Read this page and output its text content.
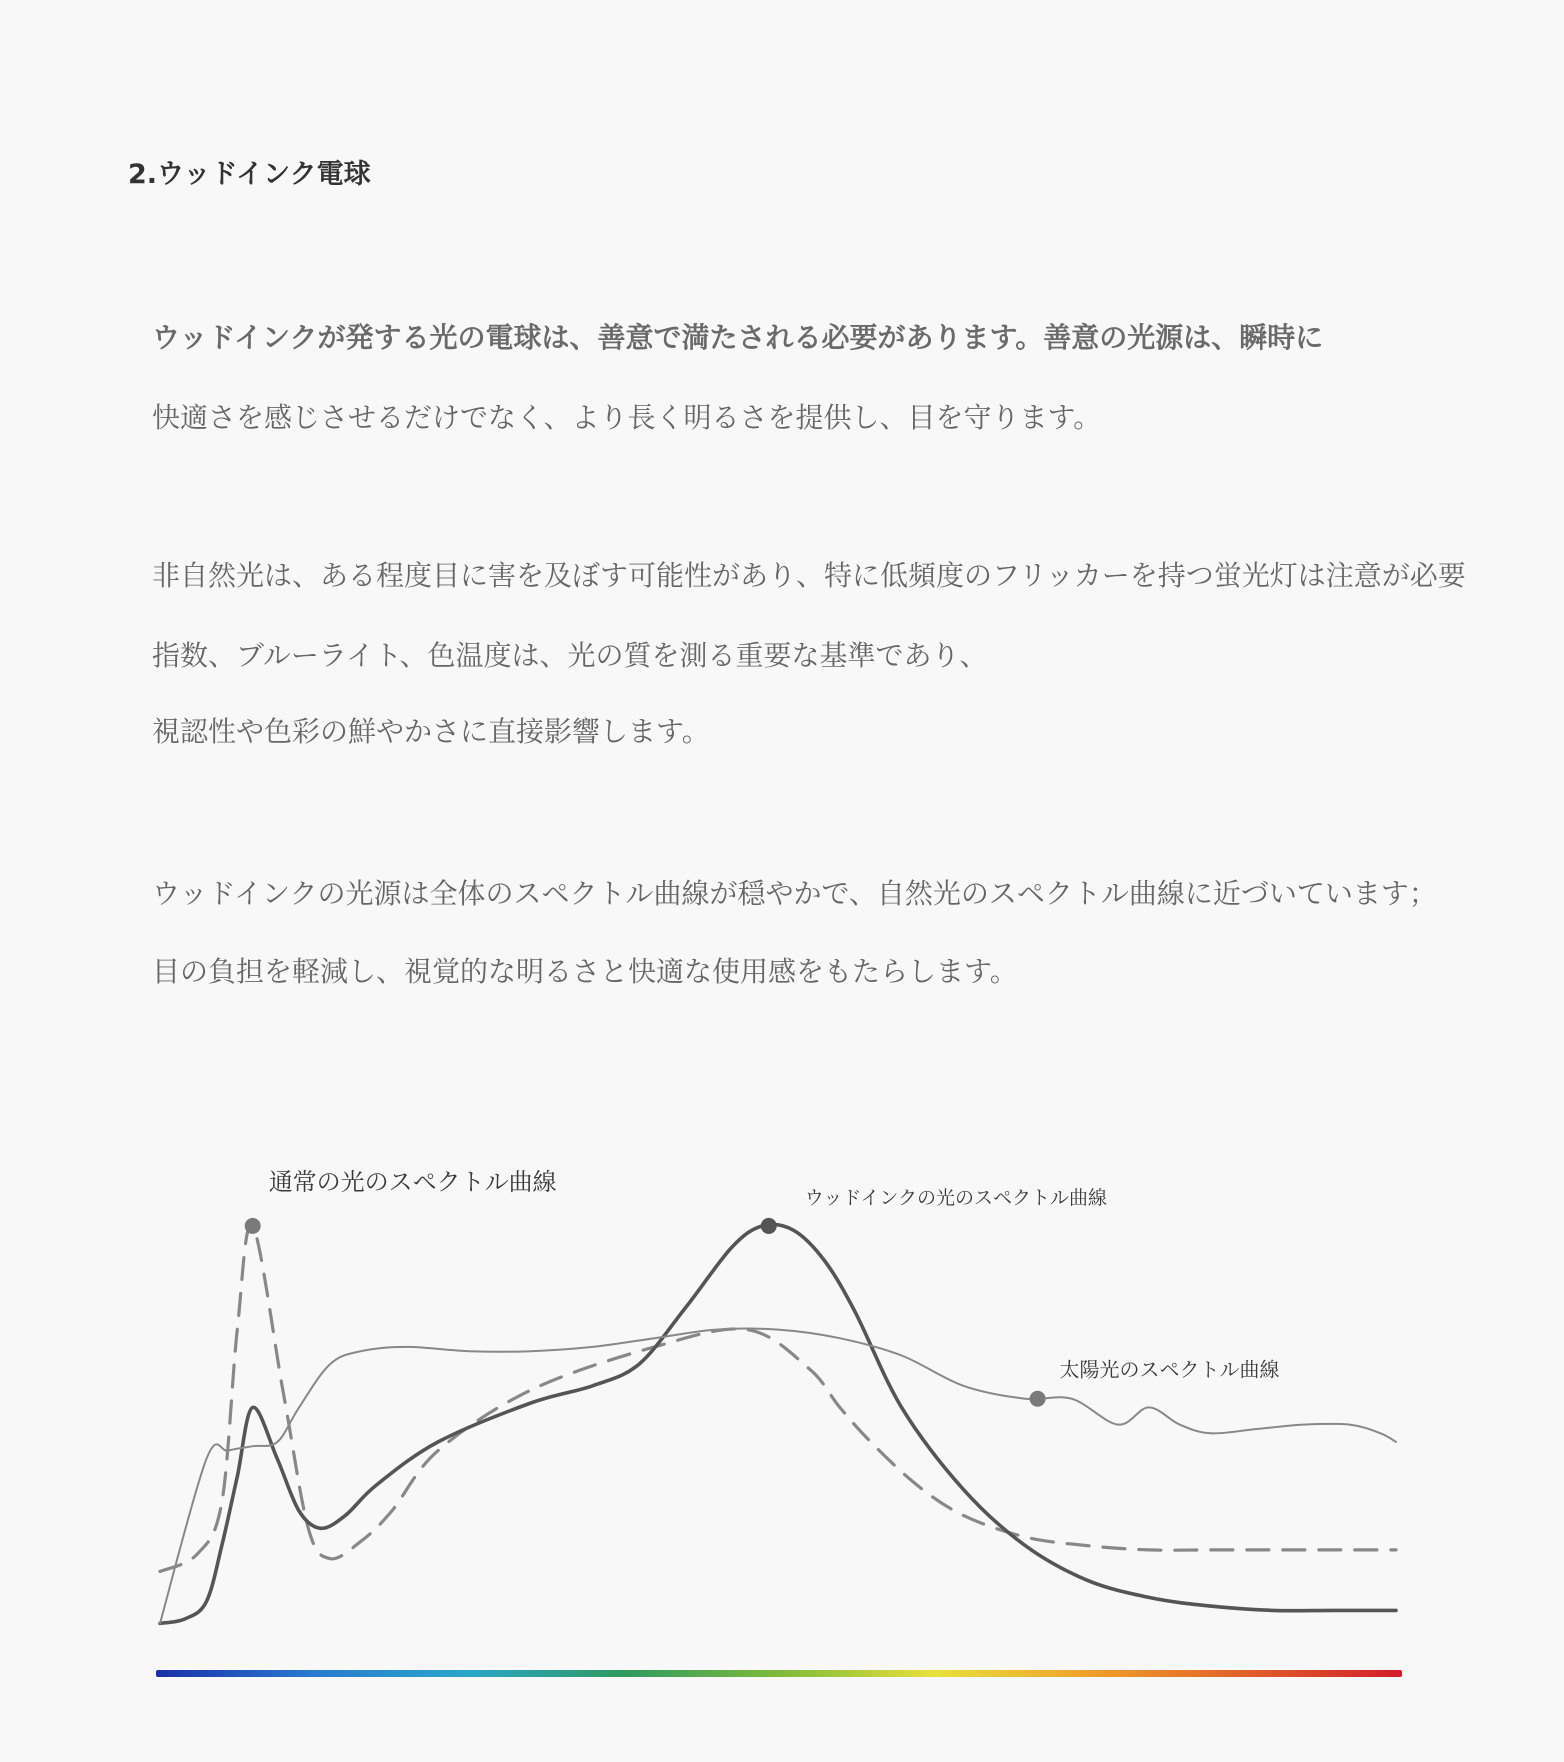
2.ウッドインク電球
ウッドインクが発する光の電球は、善意で満たされる必要があります。善意の光源は、瞬時に
快適さを感じさせるだけでなく、より長く明るさを提供し、目を守ります。
非自然光は、ある程度目に害を及ぼす可能性があり、特に低頻度のフリッカーを持つ蛍光灯は注意が必要
指数、ブルーライト、色温度は、光の質を測る重要な基準であり、
視認性や色彩の鮮やかさに直接影響します。
ウッドインクの光源は全体のスペクトル曲線が穏やかで、自然光のスペクトル曲線に近づいています；
目の負担を軽減し、視覚的な明るさと快適な使用感をもたらします。
通常の光のスペクトル曲線
ウッドインクの光のスペクトル曲線
太陽光のスペクトル曲線
